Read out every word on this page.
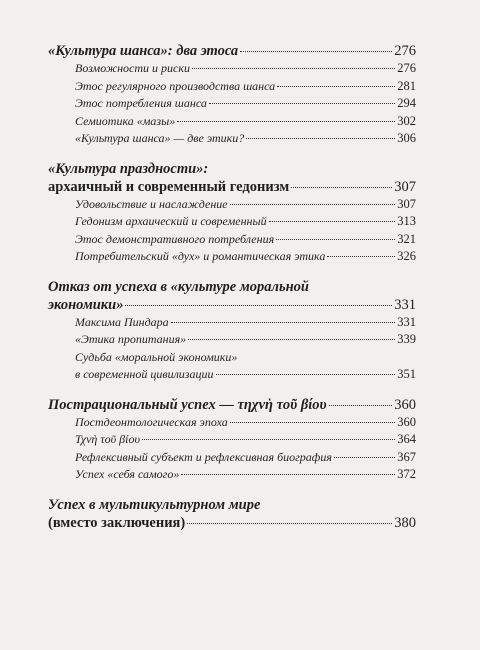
«Культура шанса»: два этоса	276
Возможности и риски	276
Этос регулярного производства шанса	281
Этос потребления шанса	294
Семиотика «мазы»	302
«Культура шанса» — две этики?	306
«Культура праздности»:
архаичный и современный гедонизм	307
Удовольствие и наслаждение	307
Гедонизм архаический и современный	313
Этос демонстративного потребления	321
Потребительский «дух» и романтическая этика	326
Отказ от успеха в «культуре моральной
экономики»	331
Максима Пиндара	331
«Этика пропитания»	339
Судьба «моральной экономики»
в современной цивилизации	351
Пострациональный успех — τηχνὴ τοῦ βίου	360
Постдеонтологическая эпоха	360
Τχνὴ τοῦ βίου	364
Рефлексивный субъект и рефлексивная биография	367
Успех «себя самого»	372
Успех в мультикультурном мире
(вместо заключения)	380
